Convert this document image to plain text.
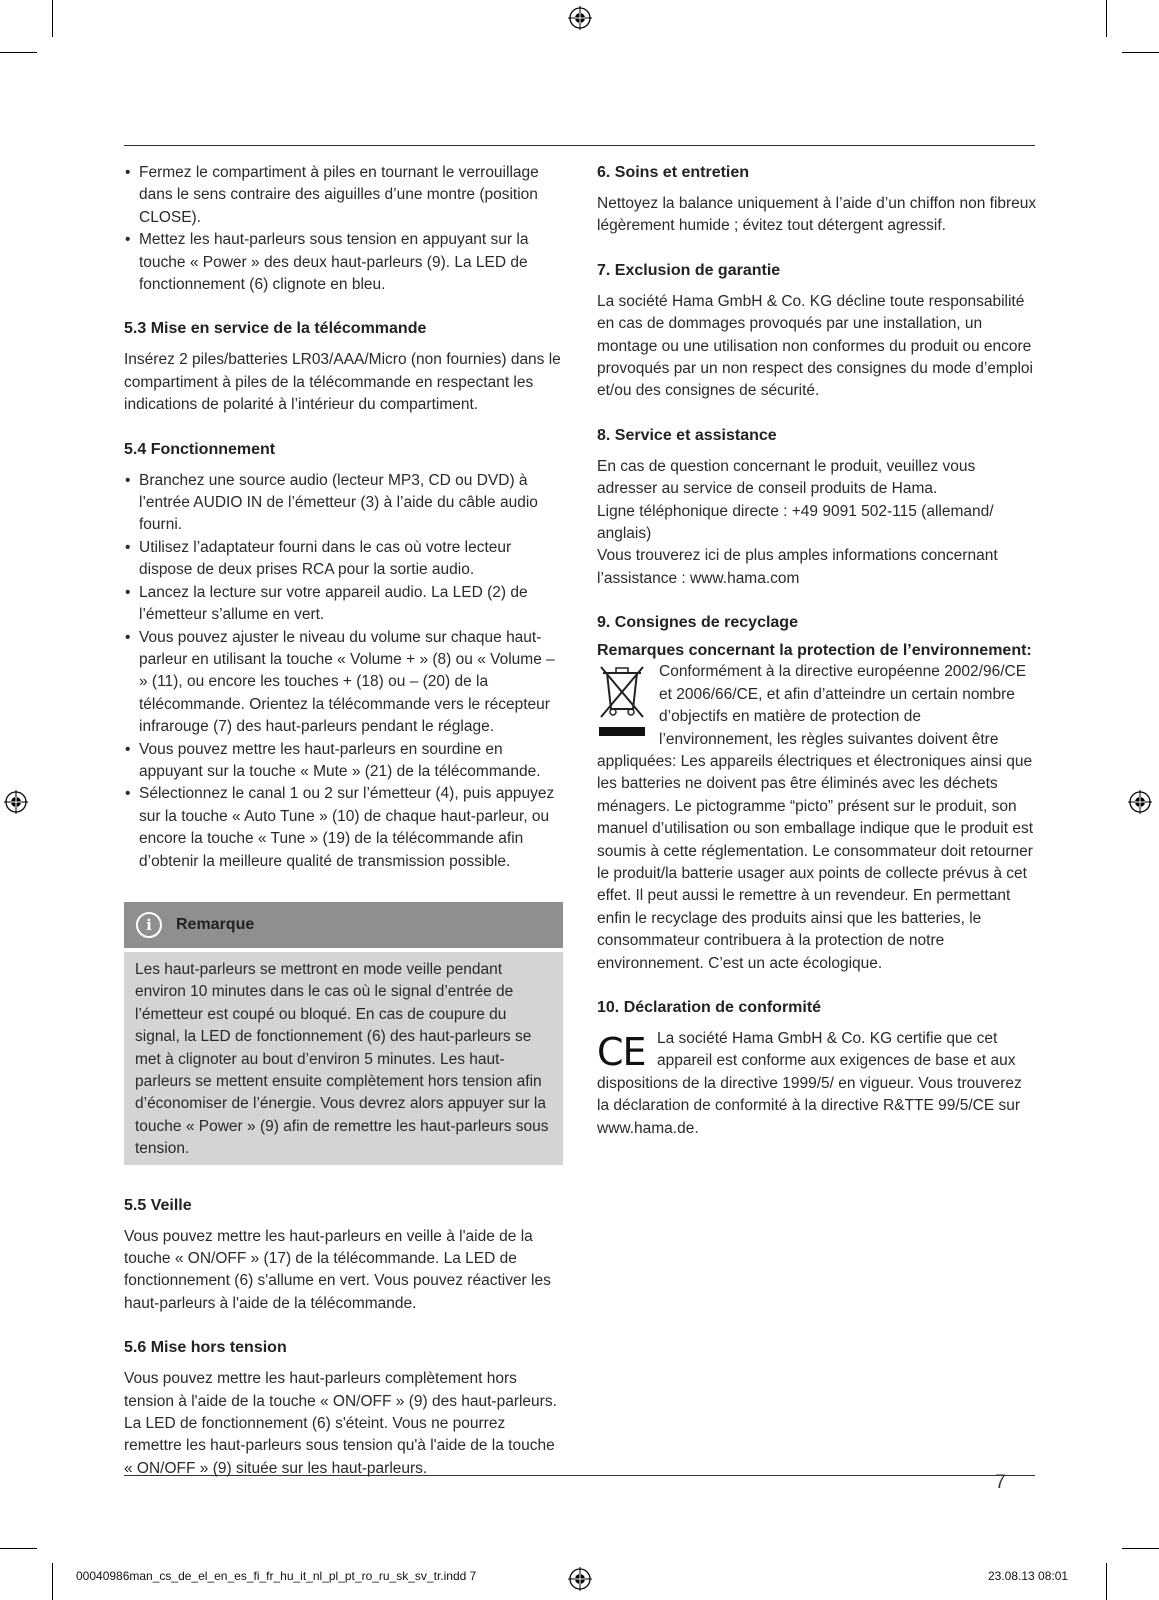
• Fermez le compartiment à piles en tournant le verrouillage dans le sens contraire des aiguilles d’une montre (position CLOSE).
• Mettez les haut-parleurs sous tension en appuyant sur la touche « Power » des deux haut-parleurs (9). La LED de fonctionnement (6) clignote en bleu.
5.3 Mise en service de la télécommande

Insérez 2 piles/batteries LR03/AAA/Micro (non fournies) dans le compartiment à piles de la télécommande en respectant les indications de polarité à l’intérieur du compartiment.

5.4 Fonctionnement
• Branchez une source audio (lecteur MP3, CD ou DVD) à l’entrée AUDIO IN de l’émetteur (3) à l’aide du câble audio fourni.
• Utilisez l’adaptateur fourni dans le cas où votre lecteur dispose de deux prises RCA pour la sortie audio.
• Lancez la lecture sur votre appareil audio. La LED (2) de l’émetteur s’allume en vert.
• Vous pouvez ajuster le niveau du volume sur chaque haut-parleur en utilisant la touche « Volume + » (8) ou « Volume – » (11), ou encore les touches + (18) ou – (20) de la télécommande. Orientez la télécommande vers le récepteur infrarouge (7) des haut-parleurs pendant le réglage.
• Vous pouvez mettre les haut-parleurs en sourdine en appuyant sur la touche « Mute » (21) de la télécommande.
• Sélectionnez le canal 1 ou 2 sur l’émetteur (4), puis appuyez sur la touche « Auto Tune » (10) de chaque haut-parleur, ou encore la touche « Tune » (19) de la télécommande afin d’obtenir la meilleure qualité de transmission possible.
i	Remarque

Les haut-parleurs se mettront en mode veille pendant environ 10 minutes dans le cas où le signal d’entrée de l’émetteur est coupé ou bloqué. En cas de coupure du signal, la LED de fonctionnement (6) des haut-parleurs se met à clignoter au bout d’environ 5 minutes. Les haut-parleurs se mettent ensuite complètement hors tension afin d’économiser de l’énergie. Vous devrez alors appuyer sur la touche « Power » (9) afin de remettre les haut-parleurs sous tension.

5.5 Veille

Vous pouvez mettre les haut-parleurs en veille à l'aide de la touche « ON/OFF » (17) de la télécommande. La LED de fonctionnement (6) s'allume en vert. Vous pouvez réactiver les haut-parleurs à l'aide de la télécommande.

5.6 Mise hors tension

Vous pouvez mettre les haut-parleurs complètement hors tension à l'aide de la touche « ON/OFF » (9) des haut-parleurs. La LED de fonctionnement (6) s'éteint. Vous ne pourrez remettre les haut-parleurs sous tension qu'à l'aide de la touche « ON/OFF » (9) située sur les haut-parleurs.

6. Soins et entretien

Nettoyez la balance uniquement à l’aide d’un chiffon non fibreux légèrement humide ; évitez tout détergent agressif.

7. Exclusion de garantie

La société Hama GmbH & Co. KG décline toute responsabilité en cas de dommages provoqués par une installation, un montage ou une utilisation non conformes du produit ou encore provoqués par un non respect des consignes du mode d’emploi et/ou des consignes de sécurité.

8. Service et assistance

En cas de question concernant le produit, veuillez vous adresser au service de conseil produits de Hama.

Ligne téléphonique directe : +49 9091 502-115 (allemand/ anglais)

Vous trouverez ici de plus amples informations concernant l’assistance : www.hama.com

9. Consignes de recyclage
Remarques concernant la protection de l’environnement:

Conformément à la directive européenne 2002/96/CE et 2006/66/CE, et afin d’atteindre un certain nombre d’objectifs en matière de protection de l’environnement, les règles suivantes doivent être appliquées: Les appareils électriques et électroniques ainsi que les batteries ne doivent pas être éliminés avec les déchets ménagers. Le pictogramme “picto” présent sur le produit, son manuel d’utilisation ou son emballage indique que le produit est soumis à cette réglementation. Le consommateur doit retourner le produit/la batterie usager aux points de collecte prévus à cet effet. Il peut aussi le remettre à un revendeur. En permettant enfin le recyclage des produits ainsi que les batteries, le consommateur contribuera à la protection de notre environnement. C’est un acte écologique.

10. Déclaration de conformité
CE La société Hama GmbH & Co. KG certifie que cet appareil est conforme aux exigences de base et aux dispositions de la directive 1999/5/ en vigueur. Vous trouverez la déclaration de conformité à la directive R&TTE 99/5/CE sur www.hama.de.

7
00040986man_cs_de_el_en_es_fi_fr_hu_it_nl_pl_pt_ro_ru_sk_sv_tr.indd 7	23.08.13 08:01
